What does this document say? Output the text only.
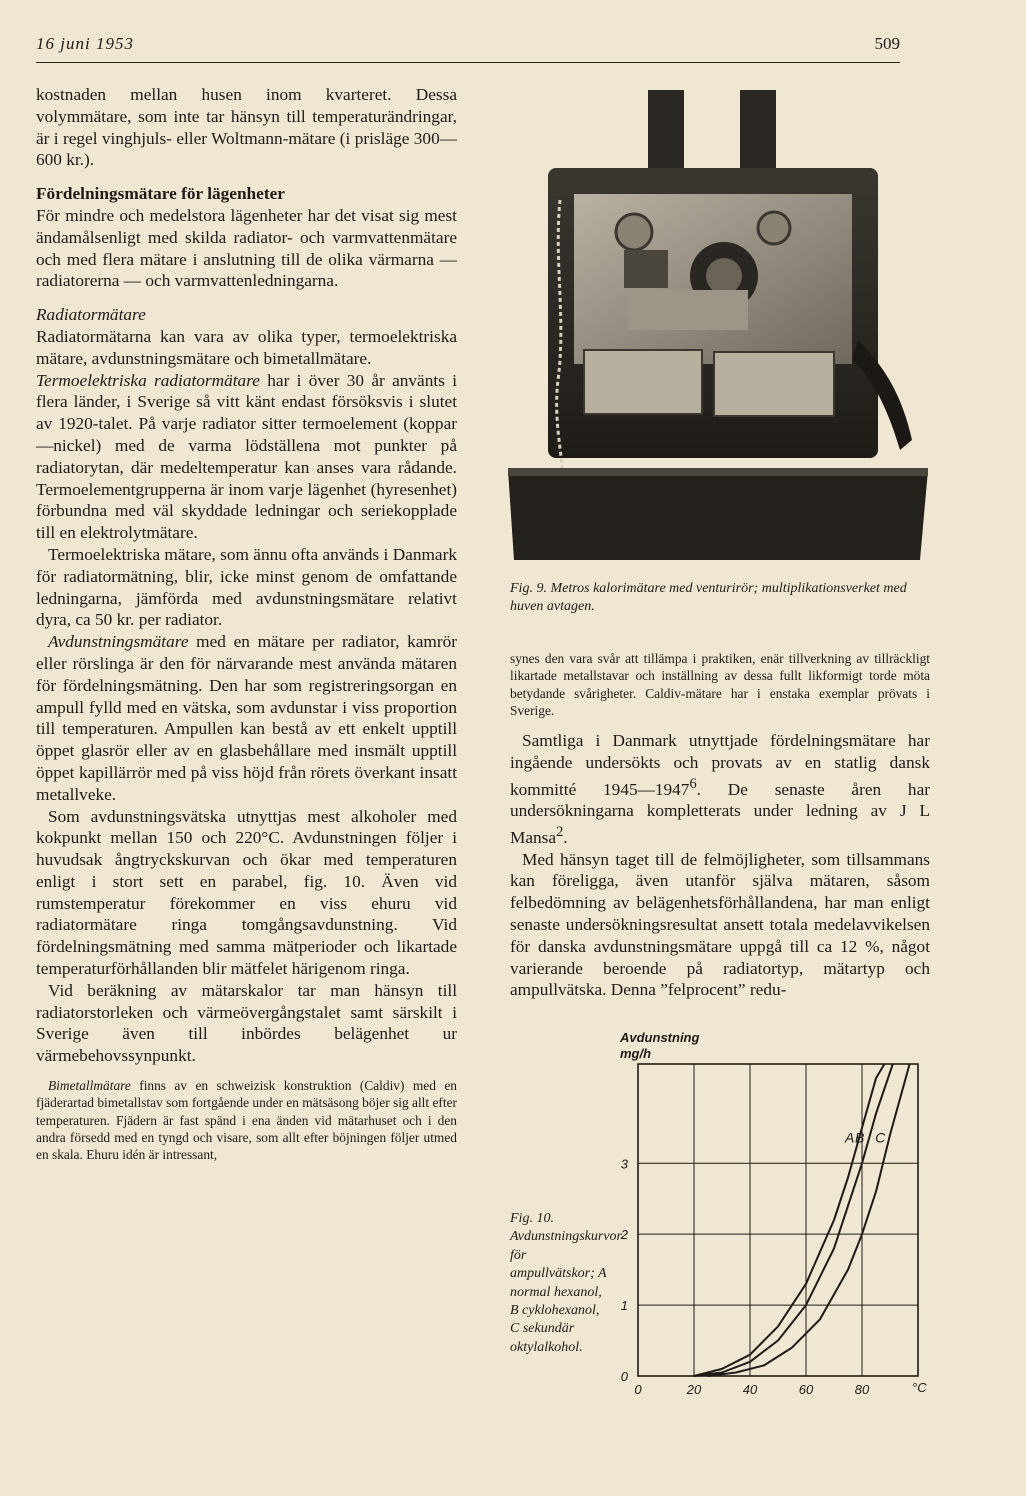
16 juni 1953	509

kostnaden mellan husen inom kvarteret. Dessa volymmätare, som inte tar hänsyn till temperaturändringar, är i regel vinghjuls- eller Woltmann-mätare (i prisläge 300—600 kr.).

Fördelningsmätare för lägenheter

För mindre och medelstora lägenheter har det visat sig mest ändamålsenligt med skilda radiator- och varmvattenmätare och med flera mätare i anslutning till de olika värmarna — radiatorerna — och varmvattenledningarna.

Radiatormätare

Radiatormätarna kan vara av olika typer, termoelektriska mätare, avdunstningsmätare och bimetallmätare.

Termoelektriska radiatormätare har i över 30 år använts i flera länder, i Sverige så vitt känt endast försöksvis i slutet av 1920-talet. På varje radiator sitter termoelement (koppar—nickel) med de varma lödställena mot punkter på radiatorytan, där medeltemperatur kan anses vara rådande. Termoelementgrupperna är inom varje lägenhet (hyresenhet) förbundna med väl skyddade ledningar och seriekopplade till en elektrolytmätare.

Termoelektriska mätare, som ännu ofta används i Danmark för radiatormätning, blir, icke minst genom de omfattande ledningarna, jämförda med avdunstningsmätare relativt dyra, ca 50 kr. per radiator.

Avdunstningsmätare med en mätare per radiator, kamrör eller rörslinga är den för närvarande mest använda mätaren för fördelningsmätning. Den har som registreringsorgan en ampull fylld med en vätska, som avdunstar i viss proportion till temperaturen. Ampullen kan bestå av ett enkelt upptill öppet glasrör eller av en glasbehållare med insmält upptill öppet kapillärrör med på viss höjd från rörets överkant insatt metallveke.

Som avdunstningsvätska utnyttjas mest alkoholer med kokpunkt mellan 150 och 220°C. Avdunstningen följer i huvudsak ångtryckskurvan och ökar med temperaturen enligt i stort sett en parabel, fig. 10. Även vid rumstemperatur förekommer en viss ehuru vid radiatormätare ringa tomgångsavdunstning. Vid fördelningsmätning med samma mätperioder och likartade temperaturförhållanden blir mätfelet härigenom ringa.

Vid beräkning av mätarskalor tar man hänsyn till radiatorstorleken och värmeövergångstalet samt särskilt i Sverige även till inbördes belägenhet ur värmebehovssynpunkt.

Bimetallmätare finns av en schweizisk konstruktion (Caldiv) med en fjäderartad bimetallstav som fortgående under en mätsäsong böjer sig allt efter temperaturen. Fjädern är fast spänd i ena änden vid mätarhuset och i den andra försedd med en tyngd och visare, som allt efter böjningen följer utmed en skala. Ehuru idén är intressant,

Fig. 9. Metros kalorimätare med venturirör; multiplikationsverket med huven avtagen.

synes den vara svår att tillämpa i praktiken, enär tillverkning av tillräckligt likartade metallstavar och inställning av dessa fullt likformigt torde möta betydande svårigheter. Caldiv-mätare har i enstaka exemplar prövats i Sverige.

Samtliga i Danmark utnyttjade fördelningsmätare har ingående undersökts och provats av en statlig dansk kommitté 1945—1947$^6$. De senaste åren har undersökningarna kompletterats under ledning av J L Mansa$^2$.

Med hänsyn taget till de felmöjligheter, som tillsammans kan föreligga, även utanför själva mätaren, såsom felbedömning av belägenhetsförhållandena, har man enligt senaste undersökningsresultat ansett totala medelavvikelsen för danska avdunstningsmätare uppgå till ca 12 %, något varierande beroende på radiatortyp, mätartyp och ampullvätska. Denna ”felprocent” redu-

Avdunstning
mg/h
0	20	40	60	80
0
1
2
3
A B C
°C
Fig. 10. Avdunstningskurvor för ampullvätskor; A normal hexanol, B cyklohexanol, C sekundär oktylalkohol.
